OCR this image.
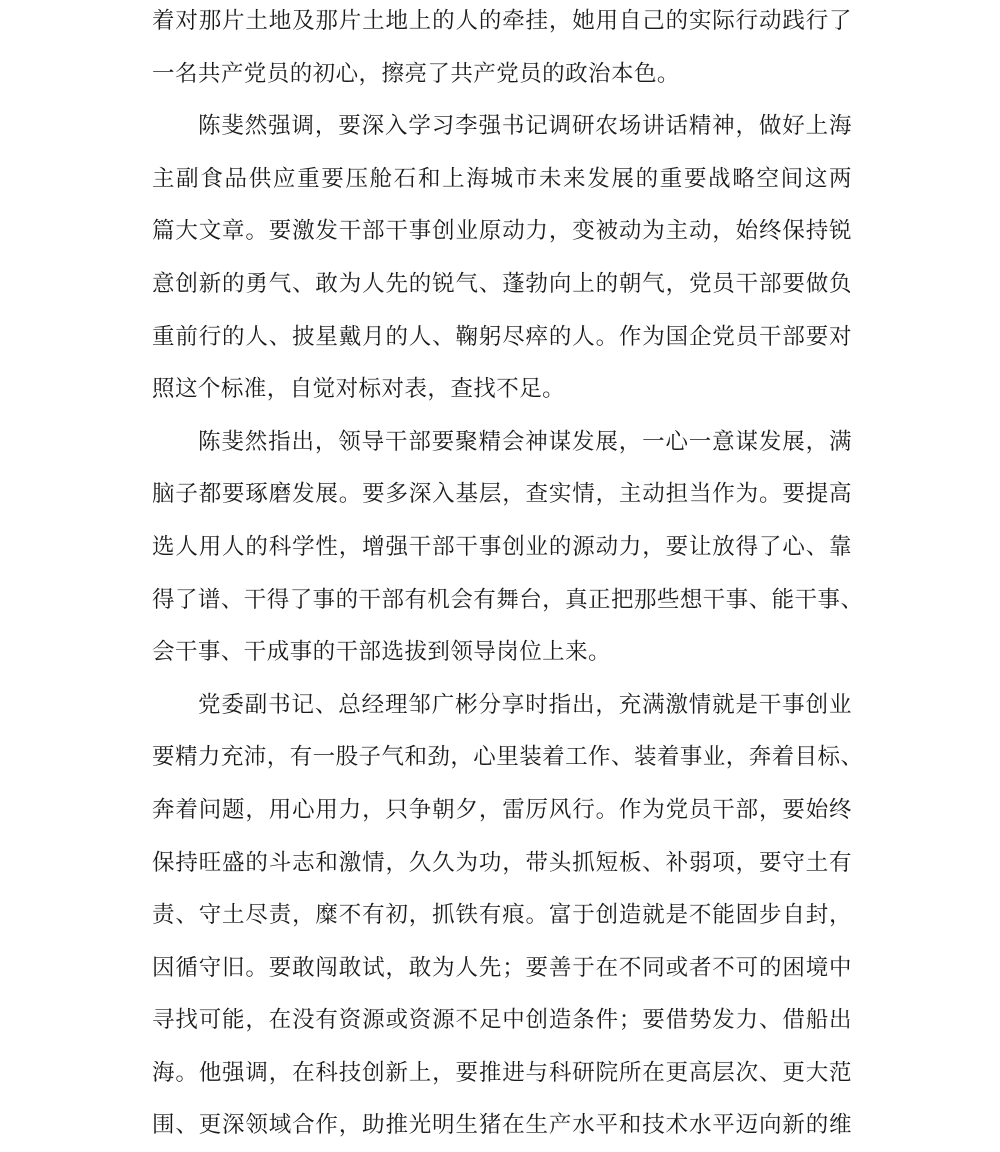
着对那片土地及那片土地上的人的牵挂，她用自己的实际行动践行了
一名共产党员的初心，擦亮了共产党员的政治本色。
陈斐然强调，要深入学习李强书记调研农场讲话精神，做好上海
主副食品供应重要压舱石和上海城市未来发展的重要战略空间这两
篇大文章。要激发干部干事创业原动力，变被动为主动，始终保持锐
意创新的勇气、敢为人先的锐气、蓬勃向上的朝气，党员干部要做负
重前行的人、披星戴月的人、鞠躬尽瘁的人。作为国企党员干部要对
照这个标准，自觉对标对表，查找不足。
陈斐然指出，领导干部要聚精会神谋发展，一心一意谋发展，满
脑子都要琢磨发展。要多深入基层，查实情，主动担当作为。要提高
选人用人的科学性，增强干部干事创业的源动力，要让放得了心、靠
得了谱、干得了事的干部有机会有舞台，真正把那些想干事、能干事、
会干事、干成事的干部选拔到领导岗位上来。
党委副书记、总经理邹广彬分享时指出，充满激情就是干事创业
要精力充沛，有一股子气和劲，心里装着工作、装着事业，奔着目标、
奔着问题，用心用力，只争朝夕，雷厉风行。作为党员干部，要始终
保持旺盛的斗志和激情，久久为功，带头抓短板、补弱项，要守土有
责、守土尽责，糜不有初，抓铁有痕。富于创造就是不能固步自封，
因循守旧。要敢闯敢试，敢为人先；要善于在不同或者不可的困境中
寻找可能，在没有资源或资源不足中创造条件；要借势发力、借船出
海。他强调，在科技创新上，要推进与科研院所在更高层次、更大范
围、更深领域合作，助推光明生猪在生产水平和技术水平迈向新的维
